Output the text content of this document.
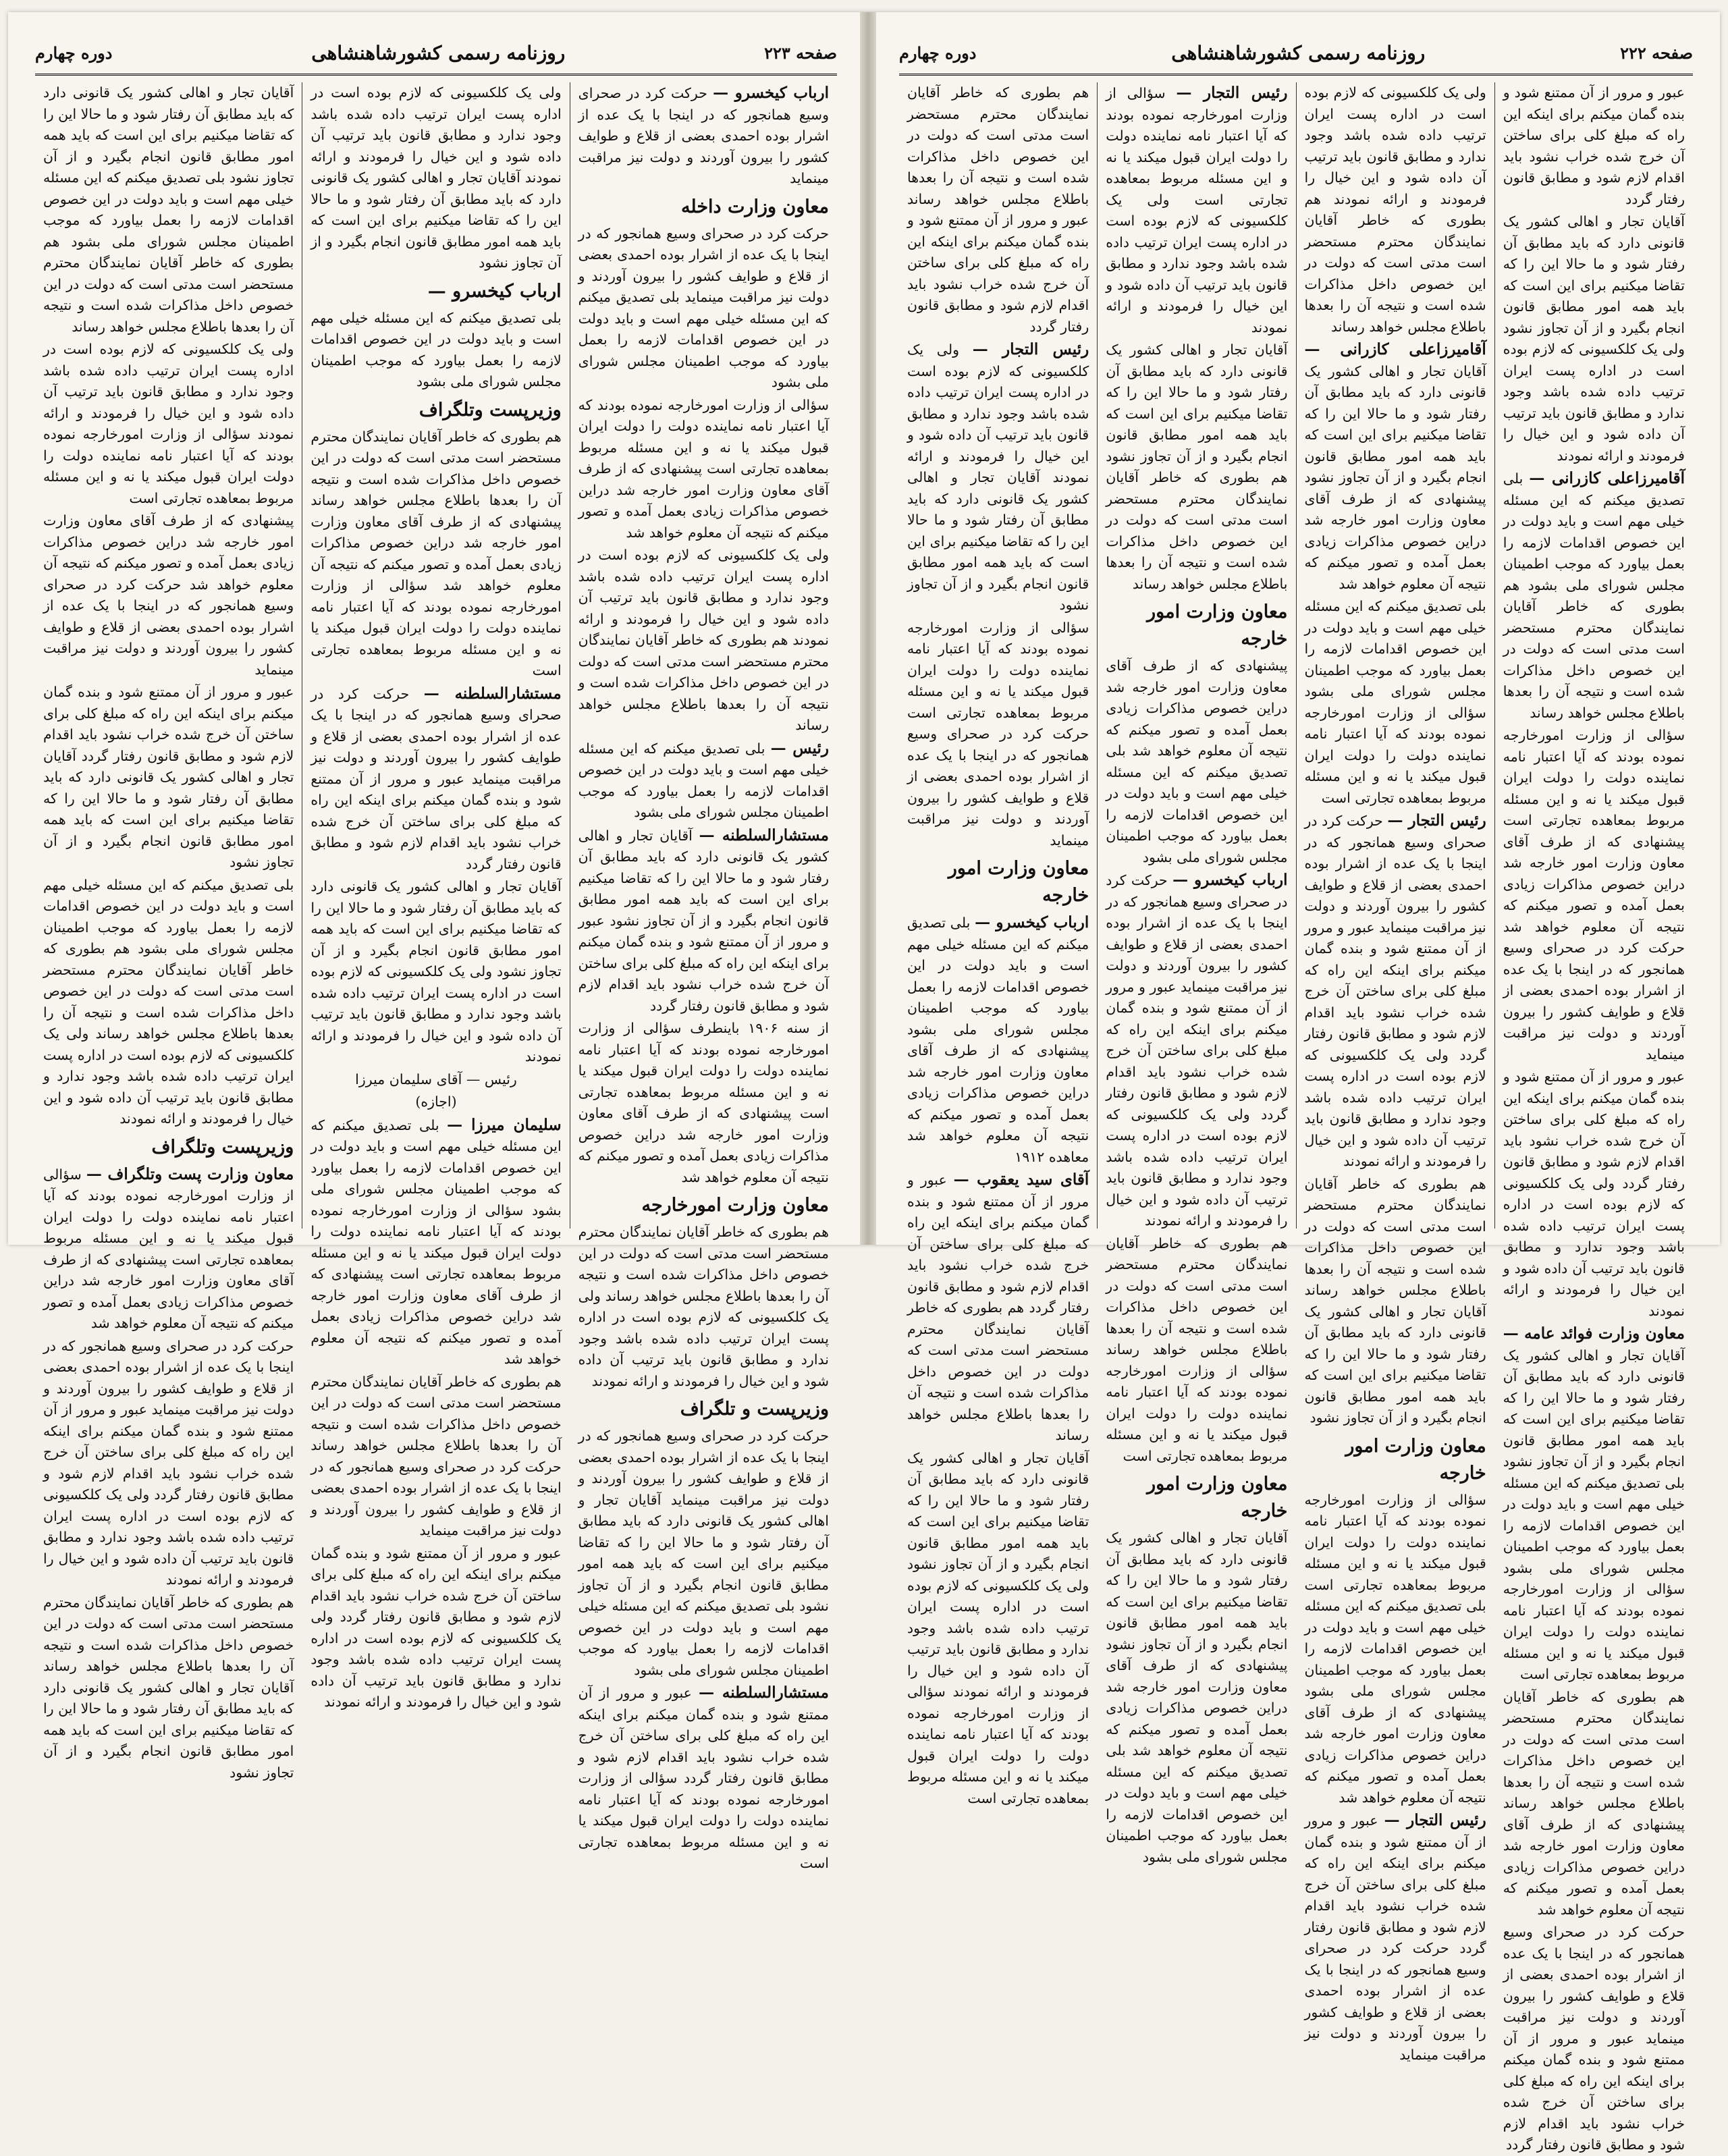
صفحه ۲۲۳
روزنامه رسمی کشورشاهنشاهی
دوره چهارم

ارباب کیخسرو — حرکت کرد در صحرای وسیع همانجور که در اینجا با یک عده از اشرار بوده احمدی بعضی از قلاع و طوایف کشور را بیرون آوردند و دولت نیز مراقبت مینماید

معاون وزارت داخله

حرکت کرد در صحرای وسیع همانجور که در اینجا با یک عده از اشرار بوده احمدی بعضی از قلاع و طوایف کشور را بیرون آوردند و دولت نیز مراقبت مینماید بلی تصدیق میکنم که این مسئله خیلی مهم است و باید دولت در این خصوص اقدامات لازمه را بعمل بیاورد که موجب اطمینان مجلس شورای ملی بشود

سؤالی از وزارت امورخارجه نموده بودند که آیا اعتبار نامه نماینده دولت را دولت ایران قبول میکند یا نه و این مسئله مربوط بمعاهده تجارتی است پیشنهادی که از طرف آقای معاون وزارت امور خارجه شد دراین خصوص مذاکرات زیادی بعمل آمده و تصور میکنم که نتیجه آن معلوم خواهد شد

ولی یک کلکسیونی که لازم بوده است در اداره پست ایران ترتیب داده شده باشد وجود ندارد و مطابق قانون باید ترتیب آن داده شود و این خیال را فرمودند و ارائه نمودند هم بطوری که خاطر آقایان نمایندگان محترم مستحضر است مدتی است که دولت در این خصوص داخل مذاکرات شده است و نتیجه آن را بعدها باطلاع مجلس خواهد رساند

رئیس — بلی تصدیق میکنم که این مسئله خیلی مهم است و باید دولت در این خصوص اقدامات لازمه را بعمل بیاورد که موجب اطمینان مجلس شورای ملی بشود

مستشارالسلطنه — آقایان تجار و اهالی کشور یک قانونی دارد که باید مطابق آن رفتار شود و ما حالا این را که تقاضا میکنیم برای این است که باید همه امور مطابق قانون انجام بگیرد و از آن تجاوز نشود عبور و مرور از آن ممتنع شود و بنده گمان میکنم برای اینکه این راه که مبلغ کلی برای ساختن آن خرج شده خراب نشود باید اقدام لازم شود و مطابق قانون رفتار گردد

از سنه ۱۹۰۶ باینطرف سؤالی از وزارت امورخارجه نموده بودند که آیا اعتبار نامه نماینده دولت را دولت ایران قبول میکند یا نه و این مسئله مربوط بمعاهده تجارتی است پیشنهادی که از طرف آقای معاون وزارت امور خارجه شد دراین خصوص مذاکرات زیادی بعمل آمده و تصور میکنم که نتیجه آن معلوم خواهد شد

معاون وزارت امورخارجه

هم بطوری که خاطر آقایان نمایندگان محترم مستحضر است مدتی است که دولت در این خصوص داخل مذاکرات شده است و نتیجه آن را بعدها باطلاع مجلس خواهد رساند ولی یک کلکسیونی که لازم بوده است در اداره پست ایران ترتیب داده شده باشد وجود ندارد و مطابق قانون باید ترتیب آن داده شود و این خیال را فرمودند و ارائه نمودند

وزیرپست و تلگراف

حرکت کرد در صحرای وسیع همانجور که در اینجا با یک عده از اشرار بوده احمدی بعضی از قلاع و طوایف کشور را بیرون آوردند و دولت نیز مراقبت مینماید آقایان تجار و اهالی کشور یک قانونی دارد که باید مطابق آن رفتار شود و ما حالا این را که تقاضا میکنیم برای این است که باید همه امور مطابق قانون انجام بگیرد و از آن تجاوز نشود بلی تصدیق میکنم که این مسئله خیلی مهم است و باید دولت در این خصوص اقدامات لازمه را بعمل بیاورد که موجب اطمینان مجلس شورای ملی بشود

مستشارالسلطنه — عبور و مرور از آن ممتنع شود و بنده گمان میکنم برای اینکه این راه که مبلغ کلی برای ساختن آن خرج شده خراب نشود باید اقدام لازم شود و مطابق قانون رفتار گردد سؤالی از وزارت امورخارجه نموده بودند که آیا اعتبار نامه نماینده دولت را دولت ایران قبول میکند یا نه و این مسئله مربوط بمعاهده تجارتی است

ولی یک کلکسیونی که لازم بوده است در اداره پست ایران ترتیب داده شده باشد وجود ندارد و مطابق قانون باید ترتیب آن داده شود و این خیال را فرمودند و ارائه نمودند آقایان تجار و اهالی کشور یک قانونی دارد که باید مطابق آن رفتار شود و ما حالا این را که تقاضا میکنیم برای این است که باید همه امور مطابق قانون انجام بگیرد و از آن تجاوز نشود

ارباب کیخسرو —

بلی تصدیق میکنم که این مسئله خیلی مهم است و باید دولت در این خصوص اقدامات لازمه را بعمل بیاورد که موجب اطمینان مجلس شورای ملی بشود

وزیرپست وتلگراف

هم بطوری که خاطر آقایان نمایندگان محترم مستحضر است مدتی است که دولت در این خصوص داخل مذاکرات شده است و نتیجه آن را بعدها باطلاع مجلس خواهد رساند پیشنهادی که از طرف آقای معاون وزارت امور خارجه شد دراین خصوص مذاکرات زیادی بعمل آمده و تصور میکنم که نتیجه آن معلوم خواهد شد سؤالی از وزارت امورخارجه نموده بودند که آیا اعتبار نامه نماینده دولت را دولت ایران قبول میکند یا نه و این مسئله مربوط بمعاهده تجارتی است

مستشارالسلطنه — حرکت کرد در صحرای وسیع همانجور که در اینجا با یک عده از اشرار بوده احمدی بعضی از قلاع و طوایف کشور را بیرون آوردند و دولت نیز مراقبت مینماید عبور و مرور از آن ممتنع شود و بنده گمان میکنم برای اینکه این راه که مبلغ کلی برای ساختن آن خرج شده خراب نشود باید اقدام لازم شود و مطابق قانون رفتار گردد

آقایان تجار و اهالی کشور یک قانونی دارد که باید مطابق آن رفتار شود و ما حالا این را که تقاضا میکنیم برای این است که باید همه امور مطابق قانون انجام بگیرد و از آن تجاوز نشود ولی یک کلکسیونی که لازم بوده است در اداره پست ایران ترتیب داده شده باشد وجود ندارد و مطابق قانون باید ترتیب آن داده شود و این خیال را فرمودند و ارائه نمودند

رئیس — آقای سلیمان میرزا

(اجازه)

سلیمان میرزا — بلی تصدیق میکنم که این مسئله خیلی مهم است و باید دولت در این خصوص اقدامات لازمه را بعمل بیاورد که موجب اطمینان مجلس شورای ملی بشود سؤالی از وزارت امورخارجه نموده بودند که آیا اعتبار نامه نماینده دولت را دولت ایران قبول میکند یا نه و این مسئله مربوط بمعاهده تجارتی است پیشنهادی که از طرف آقای معاون وزارت امور خارجه شد دراین خصوص مذاکرات زیادی بعمل آمده و تصور میکنم که نتیجه آن معلوم خواهد شد

هم بطوری که خاطر آقایان نمایندگان محترم مستحضر است مدتی است که دولت در این خصوص داخل مذاکرات شده است و نتیجه آن را بعدها باطلاع مجلس خواهد رساند حرکت کرد در صحرای وسیع همانجور که در اینجا با یک عده از اشرار بوده احمدی بعضی از قلاع و طوایف کشور را بیرون آوردند و دولت نیز مراقبت مینماید

عبور و مرور از آن ممتنع شود و بنده گمان میکنم برای اینکه این راه که مبلغ کلی برای ساختن آن خرج شده خراب نشود باید اقدام لازم شود و مطابق قانون رفتار گردد ولی یک کلکسیونی که لازم بوده است در اداره پست ایران ترتیب داده شده باشد وجود ندارد و مطابق قانون باید ترتیب آن داده شود و این خیال را فرمودند و ارائه نمودند

آقایان تجار و اهالی کشور یک قانونی دارد که باید مطابق آن رفتار شود و ما حالا این را که تقاضا میکنیم برای این است که باید همه امور مطابق قانون انجام بگیرد و از آن تجاوز نشود بلی تصدیق میکنم که این مسئله خیلی مهم است و باید دولت در این خصوص اقدامات لازمه را بعمل بیاورد که موجب اطمینان مجلس شورای ملی بشود هم بطوری که خاطر آقایان نمایندگان محترم مستحضر است مدتی است که دولت در این خصوص داخل مذاکرات شده است و نتیجه آن را بعدها باطلاع مجلس خواهد رساند

ولی یک کلکسیونی که لازم بوده است در اداره پست ایران ترتیب داده شده باشد وجود ندارد و مطابق قانون باید ترتیب آن داده شود و این خیال را فرمودند و ارائه نمودند سؤالی از وزارت امورخارجه نموده بودند که آیا اعتبار نامه نماینده دولت را دولت ایران قبول میکند یا نه و این مسئله مربوط بمعاهده تجارتی است

پیشنهادی که از طرف آقای معاون وزارت امور خارجه شد دراین خصوص مذاکرات زیادی بعمل آمده و تصور میکنم که نتیجه آن معلوم خواهد شد حرکت کرد در صحرای وسیع همانجور که در اینجا با یک عده از اشرار بوده احمدی بعضی از قلاع و طوایف کشور را بیرون آوردند و دولت نیز مراقبت مینماید

عبور و مرور از آن ممتنع شود و بنده گمان میکنم برای اینکه این راه که مبلغ کلی برای ساختن آن خرج شده خراب نشود باید اقدام لازم شود و مطابق قانون رفتار گردد آقایان تجار و اهالی کشور یک قانونی دارد که باید مطابق آن رفتار شود و ما حالا این را که تقاضا میکنیم برای این است که باید همه امور مطابق قانون انجام بگیرد و از آن تجاوز نشود

بلی تصدیق میکنم که این مسئله خیلی مهم است و باید دولت در این خصوص اقدامات لازمه را بعمل بیاورد که موجب اطمینان مجلس شورای ملی بشود هم بطوری که خاطر آقایان نمایندگان محترم مستحضر است مدتی است که دولت در این خصوص داخل مذاکرات شده است و نتیجه آن را بعدها باطلاع مجلس خواهد رساند ولی یک کلکسیونی که لازم بوده است در اداره پست ایران ترتیب داده شده باشد وجود ندارد و مطابق قانون باید ترتیب آن داده شود و این خیال را فرمودند و ارائه نمودند

وزیرپست وتلگراف

معاون وزارت پست وتلگراف — سؤالی از وزارت امورخارجه نموده بودند که آیا اعتبار نامه نماینده دولت را دولت ایران قبول میکند یا نه و این مسئله مربوط بمعاهده تجارتی است پیشنهادی که از طرف آقای معاون وزارت امور خارجه شد دراین خصوص مذاکرات زیادی بعمل آمده و تصور میکنم که نتیجه آن معلوم خواهد شد

حرکت کرد در صحرای وسیع همانجور که در اینجا با یک عده از اشرار بوده احمدی بعضی از قلاع و طوایف کشور را بیرون آوردند و دولت نیز مراقبت مینماید عبور و مرور از آن ممتنع شود و بنده گمان میکنم برای اینکه این راه که مبلغ کلی برای ساختن آن خرج شده خراب نشود باید اقدام لازم شود و مطابق قانون رفتار گردد ولی یک کلکسیونی که لازم بوده است در اداره پست ایران ترتیب داده شده باشد وجود ندارد و مطابق قانون باید ترتیب آن داده شود و این خیال را فرمودند و ارائه نمودند

هم بطوری که خاطر آقایان نمایندگان محترم مستحضر است مدتی است که دولت در این خصوص داخل مذاکرات شده است و نتیجه آن را بعدها باطلاع مجلس خواهد رساند آقایان تجار و اهالی کشور یک قانونی دارد که باید مطابق آن رفتار شود و ما حالا این را که تقاضا میکنیم برای این است که باید همه امور مطابق قانون انجام بگیرد و از آن تجاوز نشود

صفحه ۲۲۲
روزنامه رسمی کشورشاهنشاهی
دوره چهارم

عبور و مرور از آن ممتنع شود و بنده گمان میکنم برای اینکه این راه که مبلغ کلی برای ساختن آن خرج شده خراب نشود باید اقدام لازم شود و مطابق قانون رفتار گردد

آقایان تجار و اهالی کشور یک قانونی دارد که باید مطابق آن رفتار شود و ما حالا این را که تقاضا میکنیم برای این است که باید همه امور مطابق قانون انجام بگیرد و از آن تجاوز نشود ولی یک کلکسیونی که لازم بوده است در اداره پست ایران ترتیب داده شده باشد وجود ندارد و مطابق قانون باید ترتیب آن داده شود و این خیال را فرمودند و ارائه نمودند

آقامیرزاعلی کازرانی — بلی تصدیق میکنم که این مسئله خیلی مهم است و باید دولت در این خصوص اقدامات لازمه را بعمل بیاورد که موجب اطمینان مجلس شورای ملی بشود هم بطوری که خاطر آقایان نمایندگان محترم مستحضر است مدتی است که دولت در این خصوص داخل مذاکرات شده است و نتیجه آن را بعدها باطلاع مجلس خواهد رساند

سؤالی از وزارت امورخارجه نموده بودند که آیا اعتبار نامه نماینده دولت را دولت ایران قبول میکند یا نه و این مسئله مربوط بمعاهده تجارتی است پیشنهادی که از طرف آقای معاون وزارت امور خارجه شد دراین خصوص مذاکرات زیادی بعمل آمده و تصور میکنم که نتیجه آن معلوم خواهد شد حرکت کرد در صحرای وسیع همانجور که در اینجا با یک عده از اشرار بوده احمدی بعضی از قلاع و طوایف کشور را بیرون آوردند و دولت نیز مراقبت مینماید

عبور و مرور از آن ممتنع شود و بنده گمان میکنم برای اینکه این راه که مبلغ کلی برای ساختن آن خرج شده خراب نشود باید اقدام لازم شود و مطابق قانون رفتار گردد ولی یک کلکسیونی که لازم بوده است در اداره پست ایران ترتیب داده شده باشد وجود ندارد و مطابق قانون باید ترتیب آن داده شود و این خیال را فرمودند و ارائه نمودند

معاون وزارت فوائد عامه — آقایان تجار و اهالی کشور یک قانونی دارد که باید مطابق آن رفتار شود و ما حالا این را که تقاضا میکنیم برای این است که باید همه امور مطابق قانون انجام بگیرد و از آن تجاوز نشود بلی تصدیق میکنم که این مسئله خیلی مهم است و باید دولت در این خصوص اقدامات لازمه را بعمل بیاورد که موجب اطمینان مجلس شورای ملی بشود سؤالی از وزارت امورخارجه نموده بودند که آیا اعتبار نامه نماینده دولت را دولت ایران قبول میکند یا نه و این مسئله مربوط بمعاهده تجارتی است

هم بطوری که خاطر آقایان نمایندگان محترم مستحضر است مدتی است که دولت در این خصوص داخل مذاکرات شده است و نتیجه آن را بعدها باطلاع مجلس خواهد رساند پیشنهادی که از طرف آقای معاون وزارت امور خارجه شد دراین خصوص مذاکرات زیادی بعمل آمده و تصور میکنم که نتیجه آن معلوم خواهد شد

حرکت کرد در صحرای وسیع همانجور که در اینجا با یک عده از اشرار بوده احمدی بعضی از قلاع و طوایف کشور را بیرون آوردند و دولت نیز مراقبت مینماید عبور و مرور از آن ممتنع شود و بنده گمان میکنم برای اینکه این راه که مبلغ کلی برای ساختن آن خرج شده خراب نشود باید اقدام لازم شود و مطابق قانون رفتار گردد

ولی یک کلکسیونی که لازم بوده است در اداره پست ایران ترتیب داده شده باشد وجود ندارد و مطابق قانون باید ترتیب آن داده شود و این خیال را فرمودند و ارائه نمودند هم بطوری که خاطر آقایان نمایندگان محترم مستحضر است مدتی است که دولت در این خصوص داخل مذاکرات شده است و نتیجه آن را بعدها باطلاع مجلس خواهد رساند

آقامیرزاعلی کازرانی — آقایان تجار و اهالی کشور یک قانونی دارد که باید مطابق آن رفتار شود و ما حالا این را که تقاضا میکنیم برای این است که باید همه امور مطابق قانون انجام بگیرد و از آن تجاوز نشود پیشنهادی که از طرف آقای معاون وزارت امور خارجه شد دراین خصوص مذاکرات زیادی بعمل آمده و تصور میکنم که نتیجه آن معلوم خواهد شد

بلی تصدیق میکنم که این مسئله خیلی مهم است و باید دولت در این خصوص اقدامات لازمه را بعمل بیاورد که موجب اطمینان مجلس شورای ملی بشود سؤالی از وزارت امورخارجه نموده بودند که آیا اعتبار نامه نماینده دولت را دولت ایران قبول میکند یا نه و این مسئله مربوط بمعاهده تجارتی است

رئیس التجار — حرکت کرد در صحرای وسیع همانجور که در اینجا با یک عده از اشرار بوده احمدی بعضی از قلاع و طوایف کشور را بیرون آوردند و دولت نیز مراقبت مینماید عبور و مرور از آن ممتنع شود و بنده گمان میکنم برای اینکه این راه که مبلغ کلی برای ساختن آن خرج شده خراب نشود باید اقدام لازم شود و مطابق قانون رفتار گردد ولی یک کلکسیونی که لازم بوده است در اداره پست ایران ترتیب داده شده باشد وجود ندارد و مطابق قانون باید ترتیب آن داده شود و این خیال را فرمودند و ارائه نمودند

هم بطوری که خاطر آقایان نمایندگان محترم مستحضر است مدتی است که دولت در این خصوص داخل مذاکرات شده است و نتیجه آن را بعدها باطلاع مجلس خواهد رساند آقایان تجار و اهالی کشور یک قانونی دارد که باید مطابق آن رفتار شود و ما حالا این را که تقاضا میکنیم برای این است که باید همه امور مطابق قانون انجام بگیرد و از آن تجاوز نشود

معاون وزارت امور خارجه

سؤالی از وزارت امورخارجه نموده بودند که آیا اعتبار نامه نماینده دولت را دولت ایران قبول میکند یا نه و این مسئله مربوط بمعاهده تجارتی است بلی تصدیق میکنم که این مسئله خیلی مهم است و باید دولت در این خصوص اقدامات لازمه را بعمل بیاورد که موجب اطمینان مجلس شورای ملی بشود پیشنهادی که از طرف آقای معاون وزارت امور خارجه شد دراین خصوص مذاکرات زیادی بعمل آمده و تصور میکنم که نتیجه آن معلوم خواهد شد

رئیس التجار — عبور و مرور از آن ممتنع شود و بنده گمان میکنم برای اینکه این راه که مبلغ کلی برای ساختن آن خرج شده خراب نشود باید اقدام لازم شود و مطابق قانون رفتار گردد حرکت کرد در صحرای وسیع همانجور که در اینجا با یک عده از اشرار بوده احمدی بعضی از قلاع و طوایف کشور را بیرون آوردند و دولت نیز مراقبت مینماید

رئیس التجار — سؤالی از وزارت امورخارجه نموده بودند که آیا اعتبار نامه نماینده دولت را دولت ایران قبول میکند یا نه و این مسئله مربوط بمعاهده تجارتی است ولی یک کلکسیونی که لازم بوده است در اداره پست ایران ترتیب داده شده باشد وجود ندارد و مطابق قانون باید ترتیب آن داده شود و این خیال را فرمودند و ارائه نمودند

آقایان تجار و اهالی کشور یک قانونی دارد که باید مطابق آن رفتار شود و ما حالا این را که تقاضا میکنیم برای این است که باید همه امور مطابق قانون انجام بگیرد و از آن تجاوز نشود هم بطوری که خاطر آقایان نمایندگان محترم مستحضر است مدتی است که دولت در این خصوص داخل مذاکرات شده است و نتیجه آن را بعدها باطلاع مجلس خواهد رساند

معاون وزارت امور خارجه

پیشنهادی که از طرف آقای معاون وزارت امور خارجه شد دراین خصوص مذاکرات زیادی بعمل آمده و تصور میکنم که نتیجه آن معلوم خواهد شد بلی تصدیق میکنم که این مسئله خیلی مهم است و باید دولت در این خصوص اقدامات لازمه را بعمل بیاورد که موجب اطمینان مجلس شورای ملی بشود

ارباب کیخسرو — حرکت کرد در صحرای وسیع همانجور که در اینجا با یک عده از اشرار بوده احمدی بعضی از قلاع و طوایف کشور را بیرون آوردند و دولت نیز مراقبت مینماید عبور و مرور از آن ممتنع شود و بنده گمان میکنم برای اینکه این راه که مبلغ کلی برای ساختن آن خرج شده خراب نشود باید اقدام لازم شود و مطابق قانون رفتار گردد ولی یک کلکسیونی که لازم بوده است در اداره پست ایران ترتیب داده شده باشد وجود ندارد و مطابق قانون باید ترتیب آن داده شود و این خیال را فرمودند و ارائه نمودند

هم بطوری که خاطر آقایان نمایندگان محترم مستحضر است مدتی است که دولت در این خصوص داخل مذاکرات شده است و نتیجه آن را بعدها باطلاع مجلس خواهد رساند سؤالی از وزارت امورخارجه نموده بودند که آیا اعتبار نامه نماینده دولت را دولت ایران قبول میکند یا نه و این مسئله مربوط بمعاهده تجارتی است

معاون وزارت امور خارجه

آقایان تجار و اهالی کشور یک قانونی دارد که باید مطابق آن رفتار شود و ما حالا این را که تقاضا میکنیم برای این است که باید همه امور مطابق قانون انجام بگیرد و از آن تجاوز نشود پیشنهادی که از طرف آقای معاون وزارت امور خارجه شد دراین خصوص مذاکرات زیادی بعمل آمده و تصور میکنم که نتیجه آن معلوم خواهد شد بلی تصدیق میکنم که این مسئله خیلی مهم است و باید دولت در این خصوص اقدامات لازمه را بعمل بیاورد که موجب اطمینان مجلس شورای ملی بشود

هم بطوری که خاطر آقایان نمایندگان محترم مستحضر است مدتی است که دولت در این خصوص داخل مذاکرات شده است و نتیجه آن را بعدها باطلاع مجلس خواهد رساند عبور و مرور از آن ممتنع شود و بنده گمان میکنم برای اینکه این راه که مبلغ کلی برای ساختن آن خرج شده خراب نشود باید اقدام لازم شود و مطابق قانون رفتار گردد

رئیس التجار — ولی یک کلکسیونی که لازم بوده است در اداره پست ایران ترتیب داده شده باشد وجود ندارد و مطابق قانون باید ترتیب آن داده شود و این خیال را فرمودند و ارائه نمودند آقایان تجار و اهالی کشور یک قانونی دارد که باید مطابق آن رفتار شود و ما حالا این را که تقاضا میکنیم برای این است که باید همه امور مطابق قانون انجام بگیرد و از آن تجاوز نشود

سؤالی از وزارت امورخارجه نموده بودند که آیا اعتبار نامه نماینده دولت را دولت ایران قبول میکند یا نه و این مسئله مربوط بمعاهده تجارتی است حرکت کرد در صحرای وسیع همانجور که در اینجا با یک عده از اشرار بوده احمدی بعضی از قلاع و طوایف کشور را بیرون آوردند و دولت نیز مراقبت مینماید

معاون وزارت امور خارجه

ارباب کیخسرو — بلی تصدیق میکنم که این مسئله خیلی مهم است و باید دولت در این خصوص اقدامات لازمه را بعمل بیاورد که موجب اطمینان مجلس شورای ملی بشود پیشنهادی که از طرف آقای معاون وزارت امور خارجه شد دراین خصوص مذاکرات زیادی بعمل آمده و تصور میکنم که نتیجه آن معلوم خواهد شد معاهده ۱۹۱۲

آقای سید یعقوب — عبور و مرور از آن ممتنع شود و بنده گمان میکنم برای اینکه این راه که مبلغ کلی برای ساختن آن خرج شده خراب نشود باید اقدام لازم شود و مطابق قانون رفتار گردد هم بطوری که خاطر آقایان نمایندگان محترم مستحضر است مدتی است که دولت در این خصوص داخل مذاکرات شده است و نتیجه آن را بعدها باطلاع مجلس خواهد رساند

آقایان تجار و اهالی کشور یک قانونی دارد که باید مطابق آن رفتار شود و ما حالا این را که تقاضا میکنیم برای این است که باید همه امور مطابق قانون انجام بگیرد و از آن تجاوز نشود ولی یک کلکسیونی که لازم بوده است در اداره پست ایران ترتیب داده شده باشد وجود ندارد و مطابق قانون باید ترتیب آن داده شود و این خیال را فرمودند و ارائه نمودند سؤالی از وزارت امورخارجه نموده بودند که آیا اعتبار نامه نماینده دولت را دولت ایران قبول میکند یا نه و این مسئله مربوط بمعاهده تجارتی است
